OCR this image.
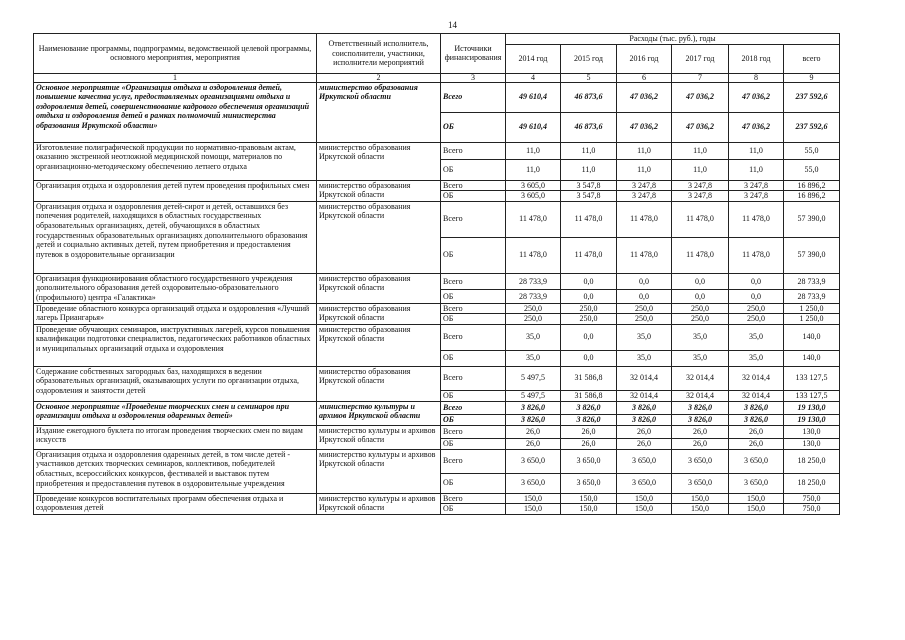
14
Наименование программы, подпрограммы, ведомственной целевой программы, основного мероприятия, мероприятия	Ответственный исполнитель, соисполнители, участники, исполнители мероприятий	Источники финансирования	Расходы (тыс. руб.), годы					
			2014 год	2015 год	2016 год	2017 год	2018 год	всего
1	2	3	4	5	6	7	8	9
Основное мероприятие «Организация отдыха и оздоровления детей, повышение качества услуг, предоставляемых организациями отдыха и оздоровления детей, совершенствование кадрового обеспечения организаций отдыха и оздоровления детей в рамках полномочий министерства образования Иркутской области»	министерство образования Иркутской области	Всего	49 610,4	46 873,6	47 036,2	47 036,2	47 036,2	237 592,6
		ОБ	49 610,4	46 873,6	47 036,2	47 036,2	47 036,2	237 592,6
Изготовление полиграфической продукции по нормативно-правовым актам, оказанию экстренной неотложной медицинской помощи, материалов по организационно-методическому обеспечению летнего отдыха	министерство образования Иркутской области	Всего	11,0	11,0	11,0	11,0	11,0	55,0
		ОБ	11,0	11,0	11,0	11,0	11,0	55,0
Организация отдыха и оздоровления детей путем проведения профильных смен	министерство образования Иркутской области	Всего	3 605,0	3 547,8	3 247,8	3 247,8	3 247,8	16 896,2
		ОБ	3 605,0	3 547,8	3 247,8	3 247,8	3 247,8	16 896,2
Организация отдыха и оздоровления детей-сирот и детей, оставшихся без попечения родителей, находящихся в областных государственных образовательных организациях, детей, обучающихся в областных государственных образовательных организациях дополнительного образования детей и социально активных детей, путем приобретения и предоставления путевок в оздоровительные организации	министерство образования Иркутской области	Всего	11 478,0	11 478,0	11 478,0	11 478,0	11 478,0	57 390,0
		ОБ	11 478,0	11 478,0	11 478,0	11 478,0	11 478,0	57 390,0
Организация функционирования областного государственного учреждения дополнительного образования детей оздоровительно-образовательного (профильного) центра «Галактика»	министерство образования Иркутской области	Всего	28 733,9	0,0	0,0	0,0	0,0	28 733,9
		ОБ	28 733,9	0,0	0,0	0,0	0,0	28 733,9
Проведение областного конкурса организаций отдыха и оздоровления «Лучший лагерь Приангарья»	министерство образования Иркутской области	Всего	250,0	250,0	250,0	250,0	250,0	1 250,0
		ОБ	250,0	250,0	250,0	250,0	250,0	1 250,0
Проведение обучающих семинаров, инструктивных лагерей, курсов повышения квалификации подготовки специалистов, педагогических работников областных и муниципальных организаций отдыха и оздоровления	министерство образования Иркутской области	Всего	35,0	0,0	35,0	35,0	35,0	140,0
		ОБ	35,0	0,0	35,0	35,0	35,0	140,0
Содержание собственных загородных баз, находящихся в ведении образовательных организаций, оказывающих услуги по организации отдыха, оздоровления и занятости детей	министерство образования Иркутской области	Всего	5 497,5	31 586,8	32 014,4	32 014,4	32 014,4	133 127,5
		ОБ	5 497,5	31 586,8	32 014,4	32 014,4	32 014,4	133 127,5
Основное мероприятие «Проведение творческих смен и семинаров при организации отдыха и оздоровления одаренных детей»	министерство культуры и архивов Иркутской области	Всего	3 826,0	3 826,0	3 826,0	3 826,0	3 826,0	19 130,0
		ОБ	3 826,0	3 826,0	3 826,0	3 826,0	3 826,0	19 130,0
Издание ежегодного буклета по итогам проведения творческих смен по видам искусств	министерство культуры и архивов Иркутской области	Всего	26,0	26,0	26,0	26,0	26,0	130,0
		ОБ	26,0	26,0	26,0	26,0	26,0	130,0
Организация отдыха и оздоровления одаренных детей, в том числе детей - участников детских творческих семинаров, коллективов, победителей областных, всероссийских конкурсов, фестивалей и выставок путем приобретения и предоставления путевок в оздоровительные учреждения	министерство культуры и архивов Иркутской области	Всего	3 650,0	3 650,0	3 650,0	3 650,0	3 650,0	18 250,0
		ОБ	3 650,0	3 650,0	3 650,0	3 650,0	3 650,0	18 250,0
Проведение конкурсов воспитательных программ обеспечения отдыха и оздоровления детей	министерство культуры и архивов Иркутской области	Всего	150,0	150,0	150,0	150,0	150,0	750,0
		ОБ	150,0	150,0	150,0	150,0	150,0	750,0
